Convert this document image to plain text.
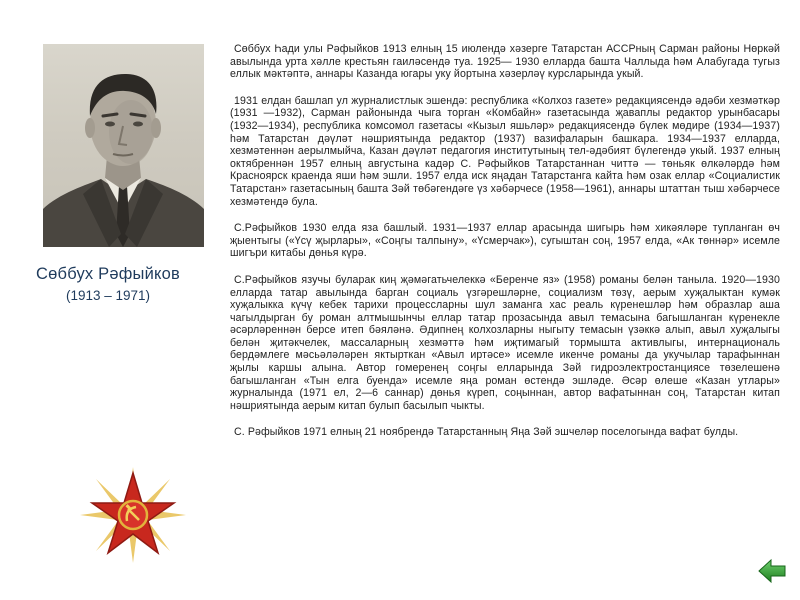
Сөббух Рәфыйков
(1913 – 1971)

Сөббух Һади улы Рәфыйков 1913 елның 15 июлендә хәзерге Татарстан АССРның Сарман районы Нөркәй авылында урта хәлле крестьян гаиләсендә туа. 1925— 1930 елларда башта Чаллыда һәм Алабугада тугыз еллык мәктәптә, аннары Казанда югары уку йортына хәзерләү курсларында укый.

1931 елдан башлап ул журналистлык эшендә: республика «Колхоз газете» редакциясендә әдәби хезмәткәр (1931 —1932), Сарман районында чыга торган «Комбайн» газетасында җаваплы редактор урынбасары (1932—1934), республика комсомол газетасы «Кызыл яшьләр» редакциясендә бүлек мөдире (1934—1937) һәм Татарстан дәүләт нәшриятында редактор (1937) вазифаларын башкара. 1934—1937 елларда, хезмәтеннән аерылмыйча, Казан дәүләт педагогия институтының тел-әдәбият бүлегендә укый. 1937 елның октябреннән 1957 елның августына кадәр С. Рәфыйков Татарстаннан читтә — төньяк өлкәләрдә һәм Красноярск краенда яши һәм эшли. 1957 елда иск яңадан Татарстанга кайта һәм озак еллар «Социалистик Татарстан» газетасының башта Зәй төбәгендәге үз хәбәрчесе (1958—1961), аннары штаттан тыш хәбәрчесе хезмәтендә була.

С.Рәфыйков 1930 елда яза башлый. 1931—1937 еллар арасында шигырь һәм хикәяләре тупланган өч җыентыгы («Үсү җырлары», «Соңгы талпыну», «Үсмерчак»), сугыштан соң, 1957 елда, «Ак төннәр» исемле шигъри китабы дөнья күрә.

С.Рәфыйков язучы буларак киң җәмәгатьчелеккә «Беренче яз» (1958) романы белән таныла. 1920—1930 елларда татар авылында барган социаль үзгәрешләрне, социализм төзү, аерым хуҗалыктан кумәк хуҗалыкка күчү кебек тарихи процессларны шул заманга хас реаль күренешләр һәм образлар аша чагылдырган бу роман алтмышынчы еллар татар прозасында авыл темасына багышланган күренекле әсәрләреннән берсе итеп бәяләнә. Әдипнең колхозларны ныгыту темасын үзәккә алып, авыл хуҗалыгы белән җитәкчелек, массаларның хезмәттә һәм иҗтимагый тормышта активлыгы, интернациональ бердәмлеге мәсьәләләрен яктырткан «Авыл иртәсе» исемле икенче романы да укучылар тарафыннан җылы каршы алына. Автор гомеренең соңгы елларында Зәй гидроэлектростанциясе төзелешенә багышланган «Тын елга буенда» исемле яңа роман өстендә эшләде. Әсәр өлеше «Казан утлары» журналында (1971 ел, 2—6 саннар) дөнья күреп, соңыннан, автор вафатыннан соң, Татарстан китап нәшриятында аерым китап булып басылып чыкты.

С. Рәфыйков 1971 елның 21 ноябрендә Татарстанның Яңа Зәй эшчеләр поселогында вафат булды.
